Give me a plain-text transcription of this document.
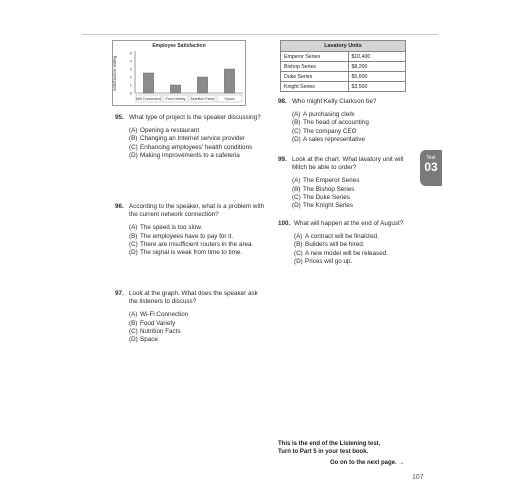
Employee Satisfaction
satisfaction rating
5
4
3
2
1
0
Wifi Connection Food Variety Nutrition Facts	Space
Lavatory Units	
Emperor Series	$10,400
Bishop Series	$8,200
Duke Series	$5,600
Knight Series	$3,500
95. What type of project is the speaker discussing?
(A) Opening a restaurant
(B) Changing an Internet service provider
(C) Enhancing employees' health conditions
(D) Making improvements to a cafeteria
96. According to the speaker, what is a problem with the current network connection?
(A) The speed is too slow.
(B) The employees have to pay for it.
(C) There are insufficient routers in the area.
(D) The signal is weak from time to time.
97. Look at the graph. What does the speaker ask the listeners to discuss?
(A) Wi-Fi Connection
(B) Food Variety
(C) Nutrition Facts
(D) Space
98. Who might Kelly Clarkson be?
(A) A purchasing clerk
(B) The head of accounting
(C) The company CEO
(D) A sales representative
99. Look at the chart. What lavatory unit will Mitch be able to order?
(A) The Emperor Series
(B) The Bishop Series
(C) The Duke Series
(D) The Knight Series
100. What will happen at the end of August?
(A) A contract will be finalized.
(B) Builders will be hired.
(C) A new model will be released.
(D) Prices will go up.
Test
03
This is the end of the Listening test.
Turn to Part 5 in your test book.
Go on to the next page. →
107
